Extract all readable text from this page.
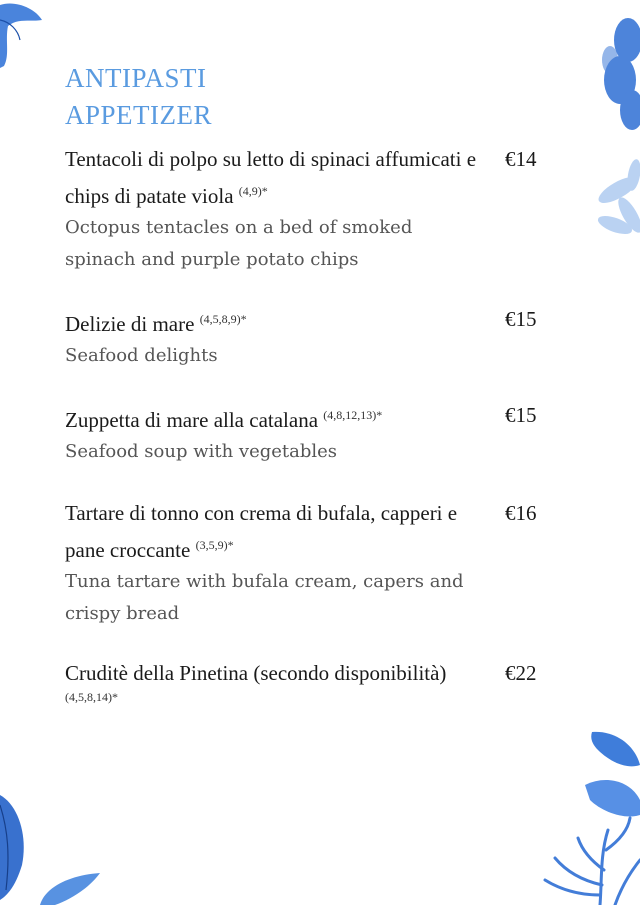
ANTIPASTI
APPETIZER
Tentacoli di polpo su letto di spinaci affumicati e chips di patate viola $^{(4,9)*}$
Octopus tentacles on a bed of smoked spinach and purple potato chips
€14
Delizie di mare $^{(4,5,8,9)*}$
Seafood delights
€15
Zuppetta di mare alla catalana $^{(4,8,12,13)*}$
Seafood soup with vegetables
€15
Tartare di tonno con crema di bufala, capperi e pane croccante $^{(3,5,9)*}$
Tuna tartare with bufala cream, capers and crispy bread
€16
Cruditè della Pinetina (secondo disponibilità)
(4,5,8,14)*
€22
